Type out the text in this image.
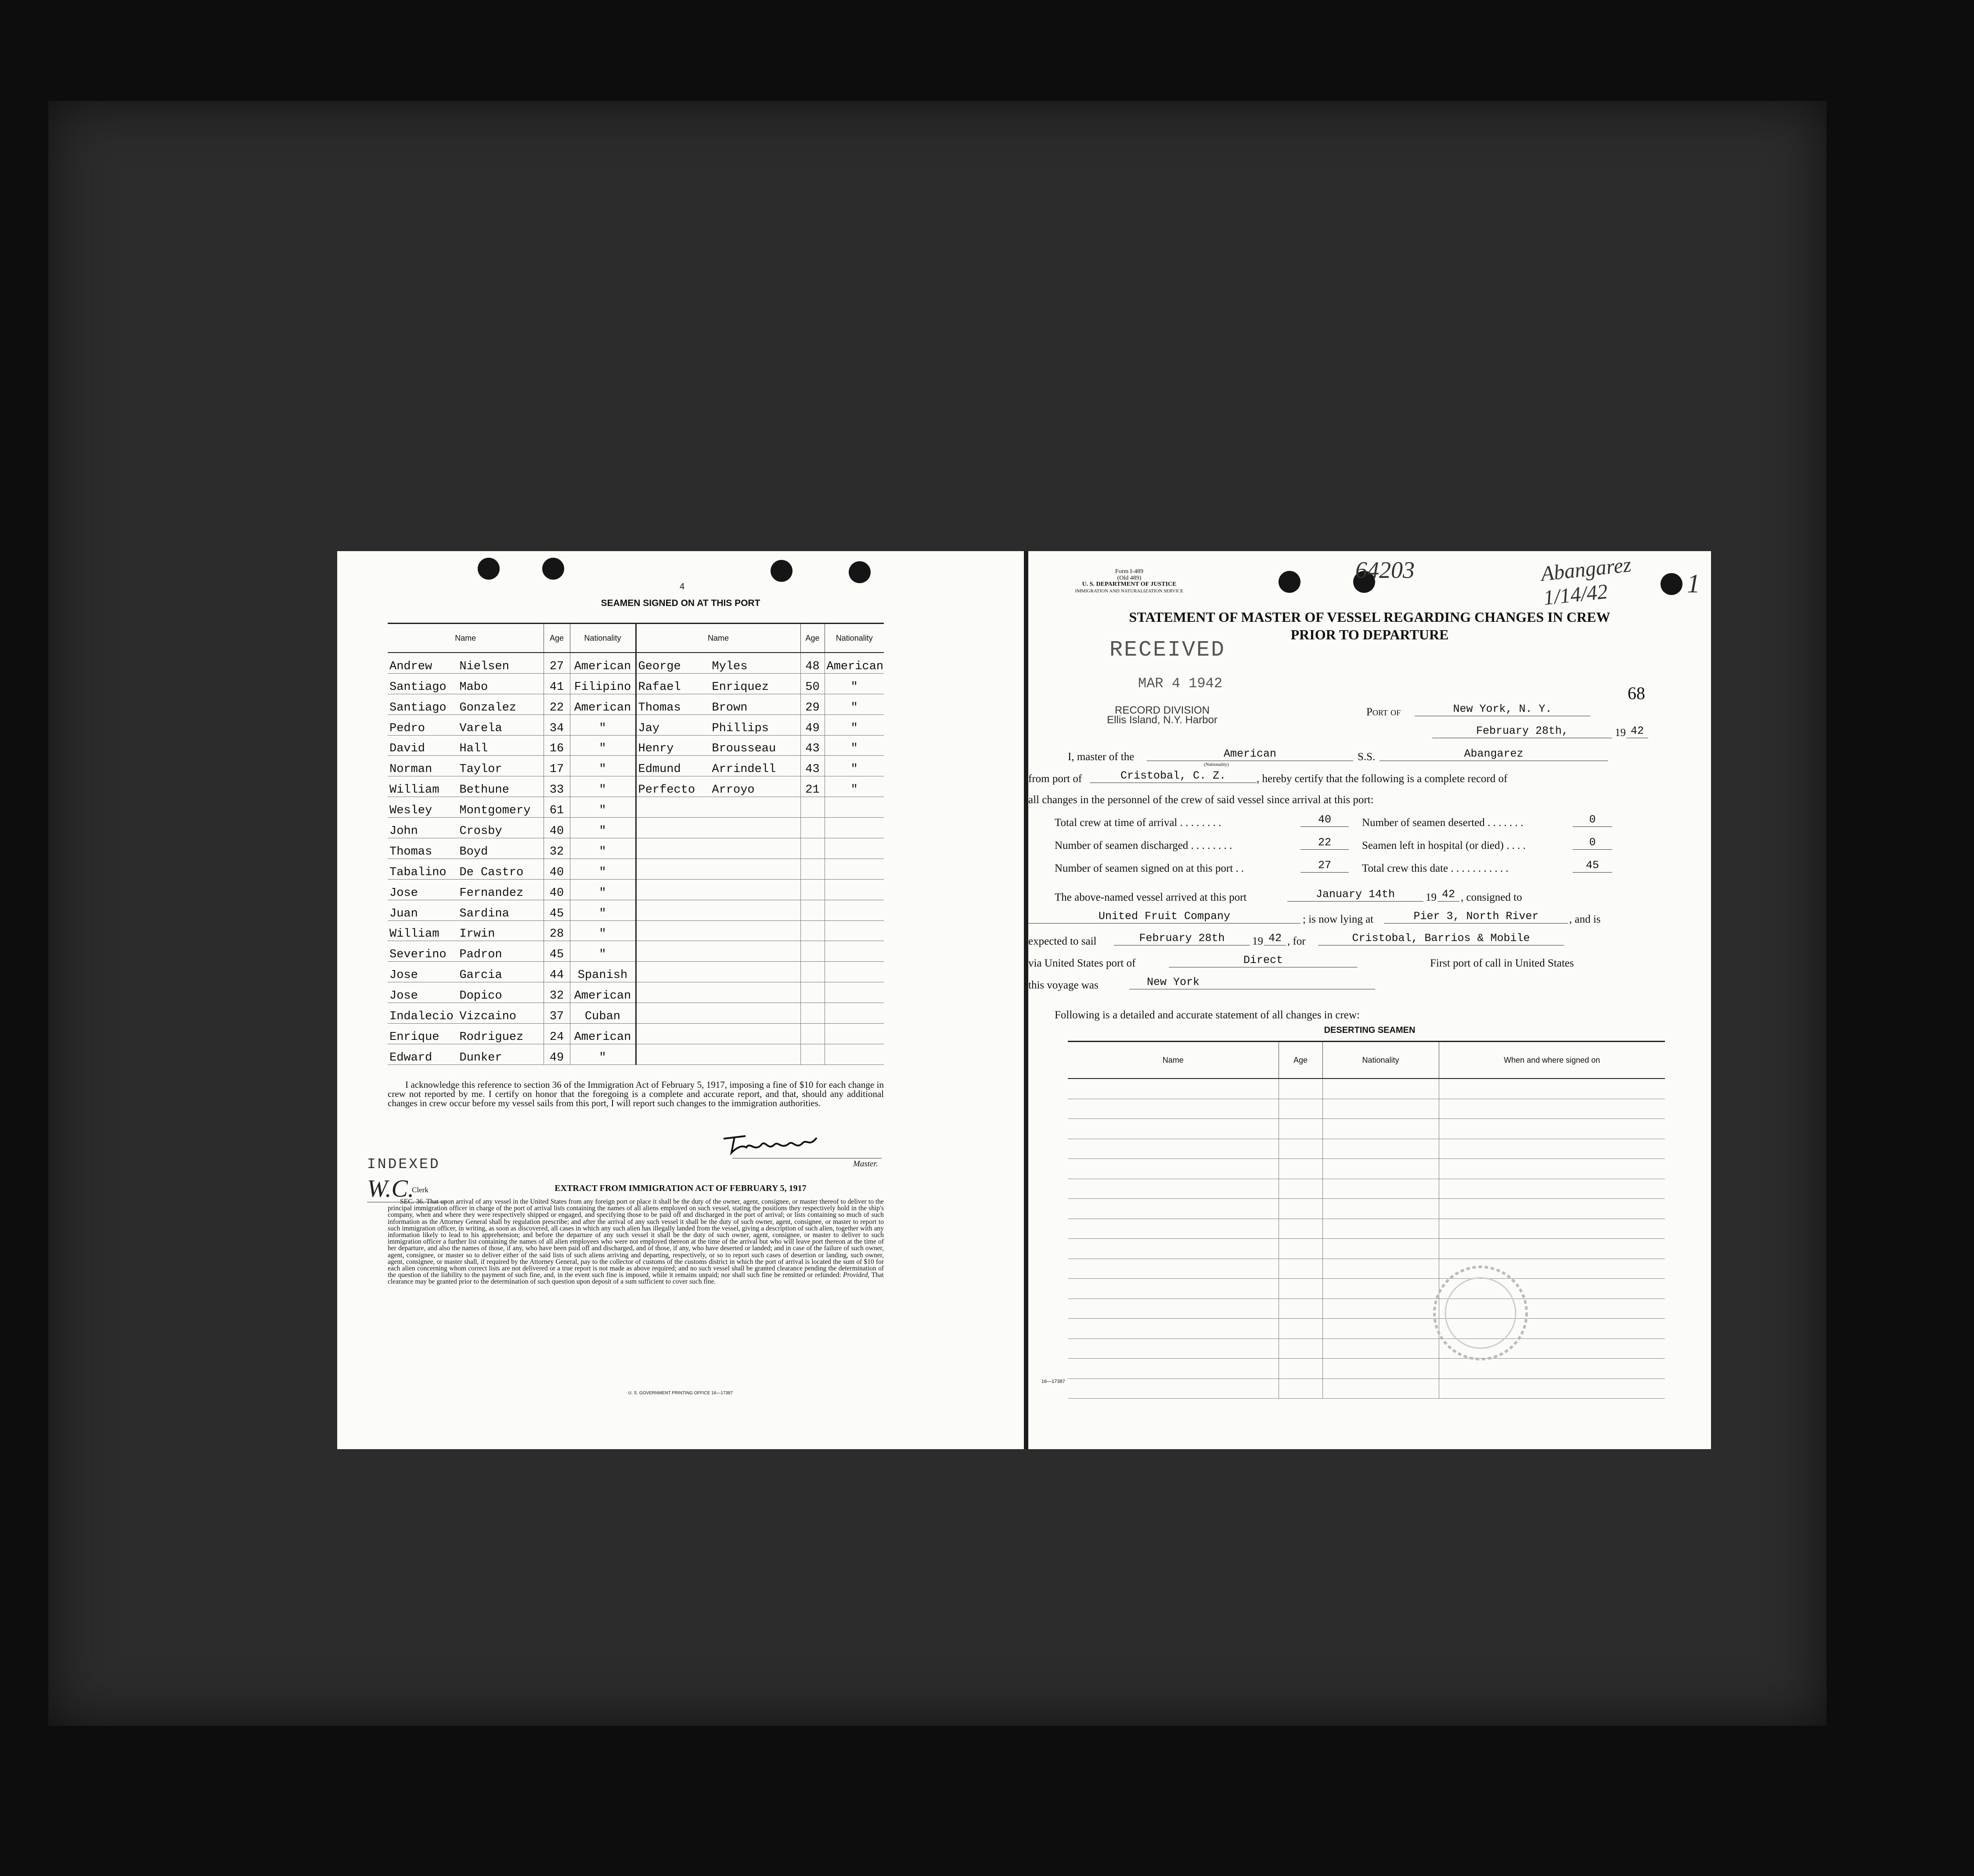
4
SEAMEN SIGNED ON AT THIS PORT
Name	Age	Nationality	Name	Age	Nationality

Andrew Nielsen	27	American	George Myles	48	American

Santiago Mabo	41	Filipino	Rafael Enriquez	50	"

Santiago Gonzalez	22	American	Thomas Brown	29	"

Pedro Varela	34	"	Jay Phillips	49	"

David Hall	16	"	Henry Brousseau	43	"

Norman Taylor	17	"	Edmund Arrindell	43	"

William Bethune	33	"	Perfecto Arroyo	21	"

Wesley Montgomery	61	"			

John Crosby	40	"			

Thomas Boyd	32	"			

Tabalino De Castro	40	"			

Jose Fernandez	40	"			

Juan Sardina	45	"			

William Irwin	28	"			

Severino Padron	45	"			

Jose Garcia	44	Spanish			

Jose Dopico	32	American			

Indalecio Vizcaino	37	Cuban			

Enrique Rodriguez	24	American			

Edward Dunker	49	"			
I acknowledge this reference to section 36 of the Immigration Act of February 5, 1917, imposing a fine of $10 for each change in crew not reported by me. I certify on honor that the foregoing is a complete and accurate report, and that, should any additional changes in crew occur before my vessel sails from this port, I will report such changes to the immigration authorities.
Master.
INDEXED
W.C.
Clerk	EXTRACT FROM IMMIGRATION ACT OF FEBRUARY 5, 1917
SEC. 36. That upon arrival of any vessel in the United States from any foreign port or place it shall be the duty of the owner, agent, consignee, or master thereof to deliver to the principal immigration officer in charge of the port of arrival lists containing the names of all aliens employed on such vessel, stating the positions they respectively hold in the ship's company, when and where they were respectively shipped or engaged, and specifying those to be paid off and discharged in the port of arrival; or lists containing so much of such information as the Attorney General shall by regulation prescribe; and after the arrival of any such vessel it shall be the duty of such owner, agent, consignee, or master to report to such immigration officer, in writing, as soon as discovered, all cases in which any such alien has illegally landed from the vessel, giving a description of such alien, together with any information likely to lead to his apprehension; and before the departure of any such vessel it shall be the duty of such owner, agent, consignee, or master to deliver to such immigration officer a further list containing the names of all alien employees who were not employed thereon at the time of the arrival but who will leave port thereon at the time of her departure, and also the names of those, if any, who have been paid off and discharged, and of those, if any, who have deserted or landed; and in case of the failure of such owner, agent, consignee, or master so to deliver either of the said lists of such aliens arriving and departing, respectively, or so to report such cases of desertion or landing, such owner, agent, consignee, or master shall, if required by the Attorney General, pay to the collector of customs of the customs district in which the port of arrival is located the sum of $10 for each alien concerning whom correct lists are not delivered or a true report is not made as above required; and no such vessel shall be granted clearance pending the determination of the question of the liability to the payment of such fine, and, in the event such fine is imposed, while it remains unpaid; nor shall such fine be remitted or refunded: Provided, That clearance may be granted prior to the determination of such question upon deposit of a sum sufficient to cover such fine.
U. S. GOVERNMENT PRINTING OFFICE 16—17387
Form I-489
(Old 489)
U. S. DEPARTMENT OF JUSTICE
IMMIGRATION AND NATURALIZATION SERVICE
64203	Abangarez 1/14/42	1
STATEMENT OF MASTER OF VESSEL REGARDING CHANGES IN CREW
PRIOR TO DEPARTURE
RECEIVED
MAR 4 1942
RECORD DIVISION
Ellis Island, N.Y. Harbor
68
Port of	New York, N. Y.
February 28th,	19 42
I, master of the	American	S.S.	Abangarez
from port of	Cristobal, C. Z.
(Nationality)
, hereby certify that the following is a complete record of
all changes in the personnel of the crew of said vessel since arrival at this port:
Total crew at time of arrival . . . . . . . .	40	Number of seamen deserted . . . . . . .	0
Number of seamen discharged . . . . . . . .	22	Seamen left in hospital (or died) . . . .	0
Number of seamen signed on at this port . .	27	Total crew this date . . . . . . . . . . .	45
The above-named vessel arrived at this port	January 14th	19 42 , consigned to
United Fruit Company	; is now lying at	Pier 3, North River	, and is
expected to sail	February 28th	19 42 , for	Cristobal, Barrios & Mobile
via United States port of	Direct	First port of call in United States
this voyage was	New York
Following is a detailed and accurate statement of all changes in crew:
DESERTING SEAMEN
Name	Age	Nationality	When and where signed on

16—17387
